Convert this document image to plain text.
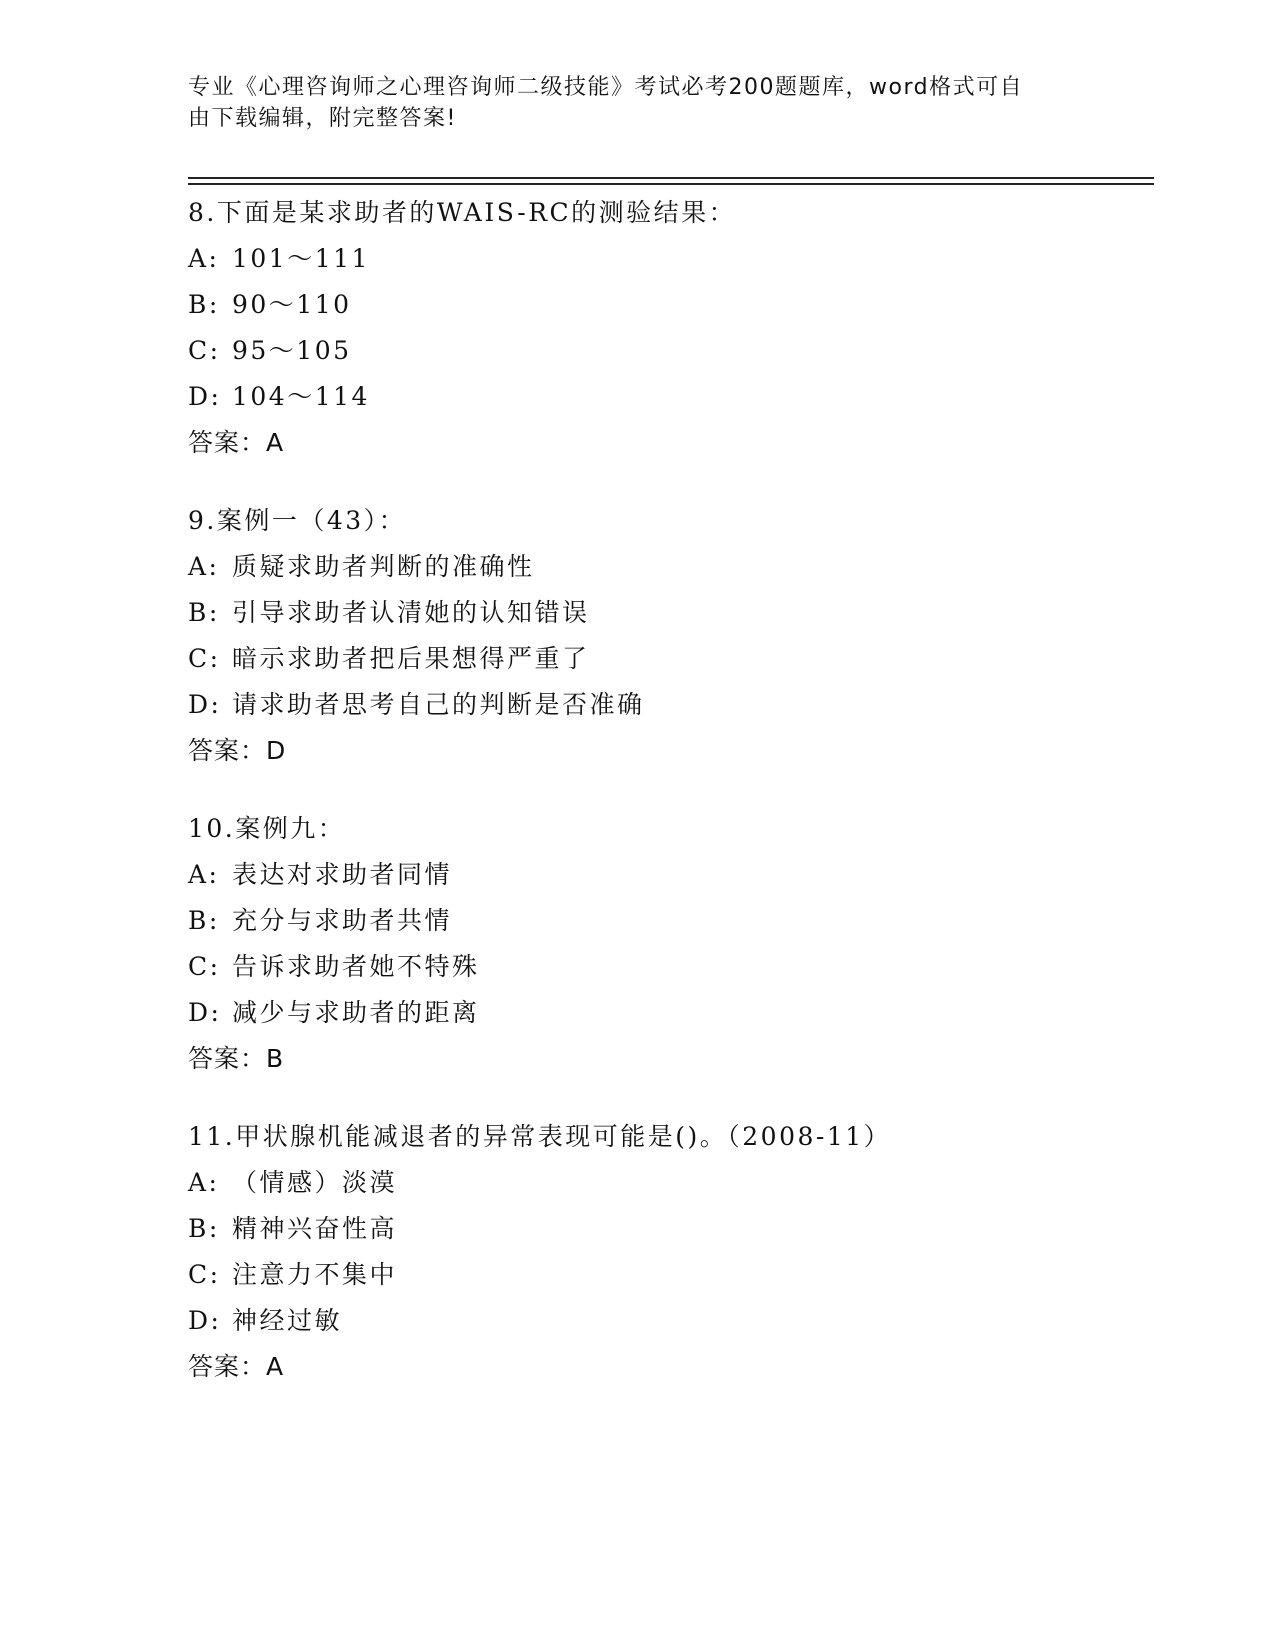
专业《心理咨询师之心理咨询师二级技能》考试必考200题题库，word格式可自
由下载编辑，附完整答案!
8.下面是某求助者的WAIS-RC的测验结果：
A: 101～111
B: 90～110
C: 95～105
D: 104～114
答案：A
9.案例一（43）：
A: 质疑求助者判断的准确性
B: 引导求助者认清她的认知错误
C: 暗示求助者把后果想得严重了
D: 请求助者思考自己的判断是否准确
答案：D
10.案例九：
A: 表达对求助者同情
B: 充分与求助者共情
C: 告诉求助者她不特殊
D: 减少与求助者的距离
答案：B
11.甲状腺机能减退者的异常表现可能是()。（2008-11）
A: （情感）淡漠
B: 精神兴奋性高
C: 注意力不集中
D: 神经过敏
答案：A
